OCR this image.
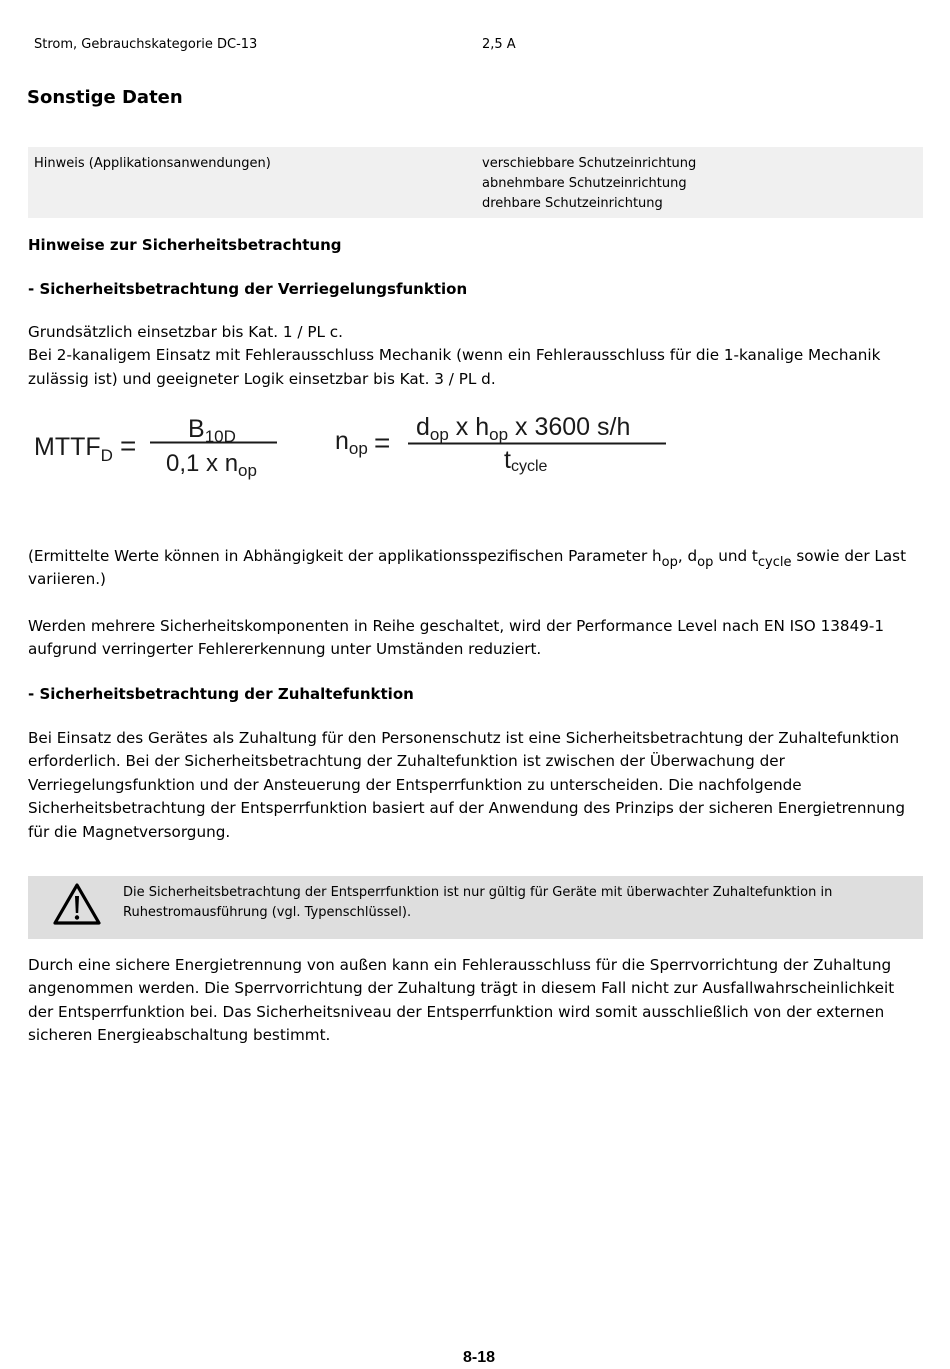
Strom, Gebrauchskategorie DC-13	2,5 A
Sonstige Daten
Hinweis (Applikationsanwendungen)	verschiebbare Schutzeinrichtung
abnehmbare Schutzeinrichtung
drehbare Schutzeinrichtung
Hinweise zur Sicherheitsbetrachtung
- Sicherheitsbetrachtung der Verriegelungsfunktion
Grundsätzlich einsetzbar bis Kat. 1 / PL c.
Bei 2-kanaligem Einsatz mit Fehlerausschluss Mechanik (wenn ein Fehlerausschluss für die 1-kanalige Mechanik zulässig ist) und geeigneter Logik einsetzbar bis Kat. 3 / PL d.
$MTTF_D$ =
$B_{10D}$
0,1 x $n_{op}$
$n_{op} = d_{op}$ x $h_{op}$ x 3600 s/h
tcycle
(Ermittelte Werte können in Abhängigkeit der applikationsspezifischen Parameter $h_{op}$, $d_{op}$ und $t_{cycle}$ sowie der Last variieren.)
Werden mehrere Sicherheitskomponenten in Reihe geschaltet, wird der Performance Level nach EN ISO 13849-1 aufgrund verringerter Fehlererkennung unter Umständen reduziert.
- Sicherheitsbetrachtung der Zuhaltefunktion
Bei Einsatz des Gerätes als Zuhaltung für den Personenschutz ist eine Sicherheitsbetrachtung der Zuhaltefunktion erforderlich. Bei der Sicherheitsbetrachtung der Zuhaltefunktion ist zwischen der Überwachung der Verriegelungsfunktion und der Ansteuerung der Entsperrfunktion zu unterscheiden. Die nachfolgende Sicherheitsbetrachtung der Entsperrfunktion basiert auf der Anwendung des Prinzips der sicheren Energietrennung für die Magnetversorgung.
Die Sicherheitsbetrachtung der Entsperrfunktion ist nur gültig für Geräte mit überwachter Zuhaltefunktion in Ruhestromausführung (vgl. Typenschlüssel).
Durch eine sichere Energietrennung von außen kann ein Fehlerausschluss für die Sperrvorrichtung der Zuhaltung angenommen werden. Die Sperrvorrichtung der Zuhaltung trägt in diesem Fall nicht zur Ausfallwahrscheinlichkeit der Entsperrfunktion bei. Das Sicherheitsniveau der Entsperrfunktion wird somit ausschließlich von der externen sicheren Energieabschaltung bestimmt.
8-18
